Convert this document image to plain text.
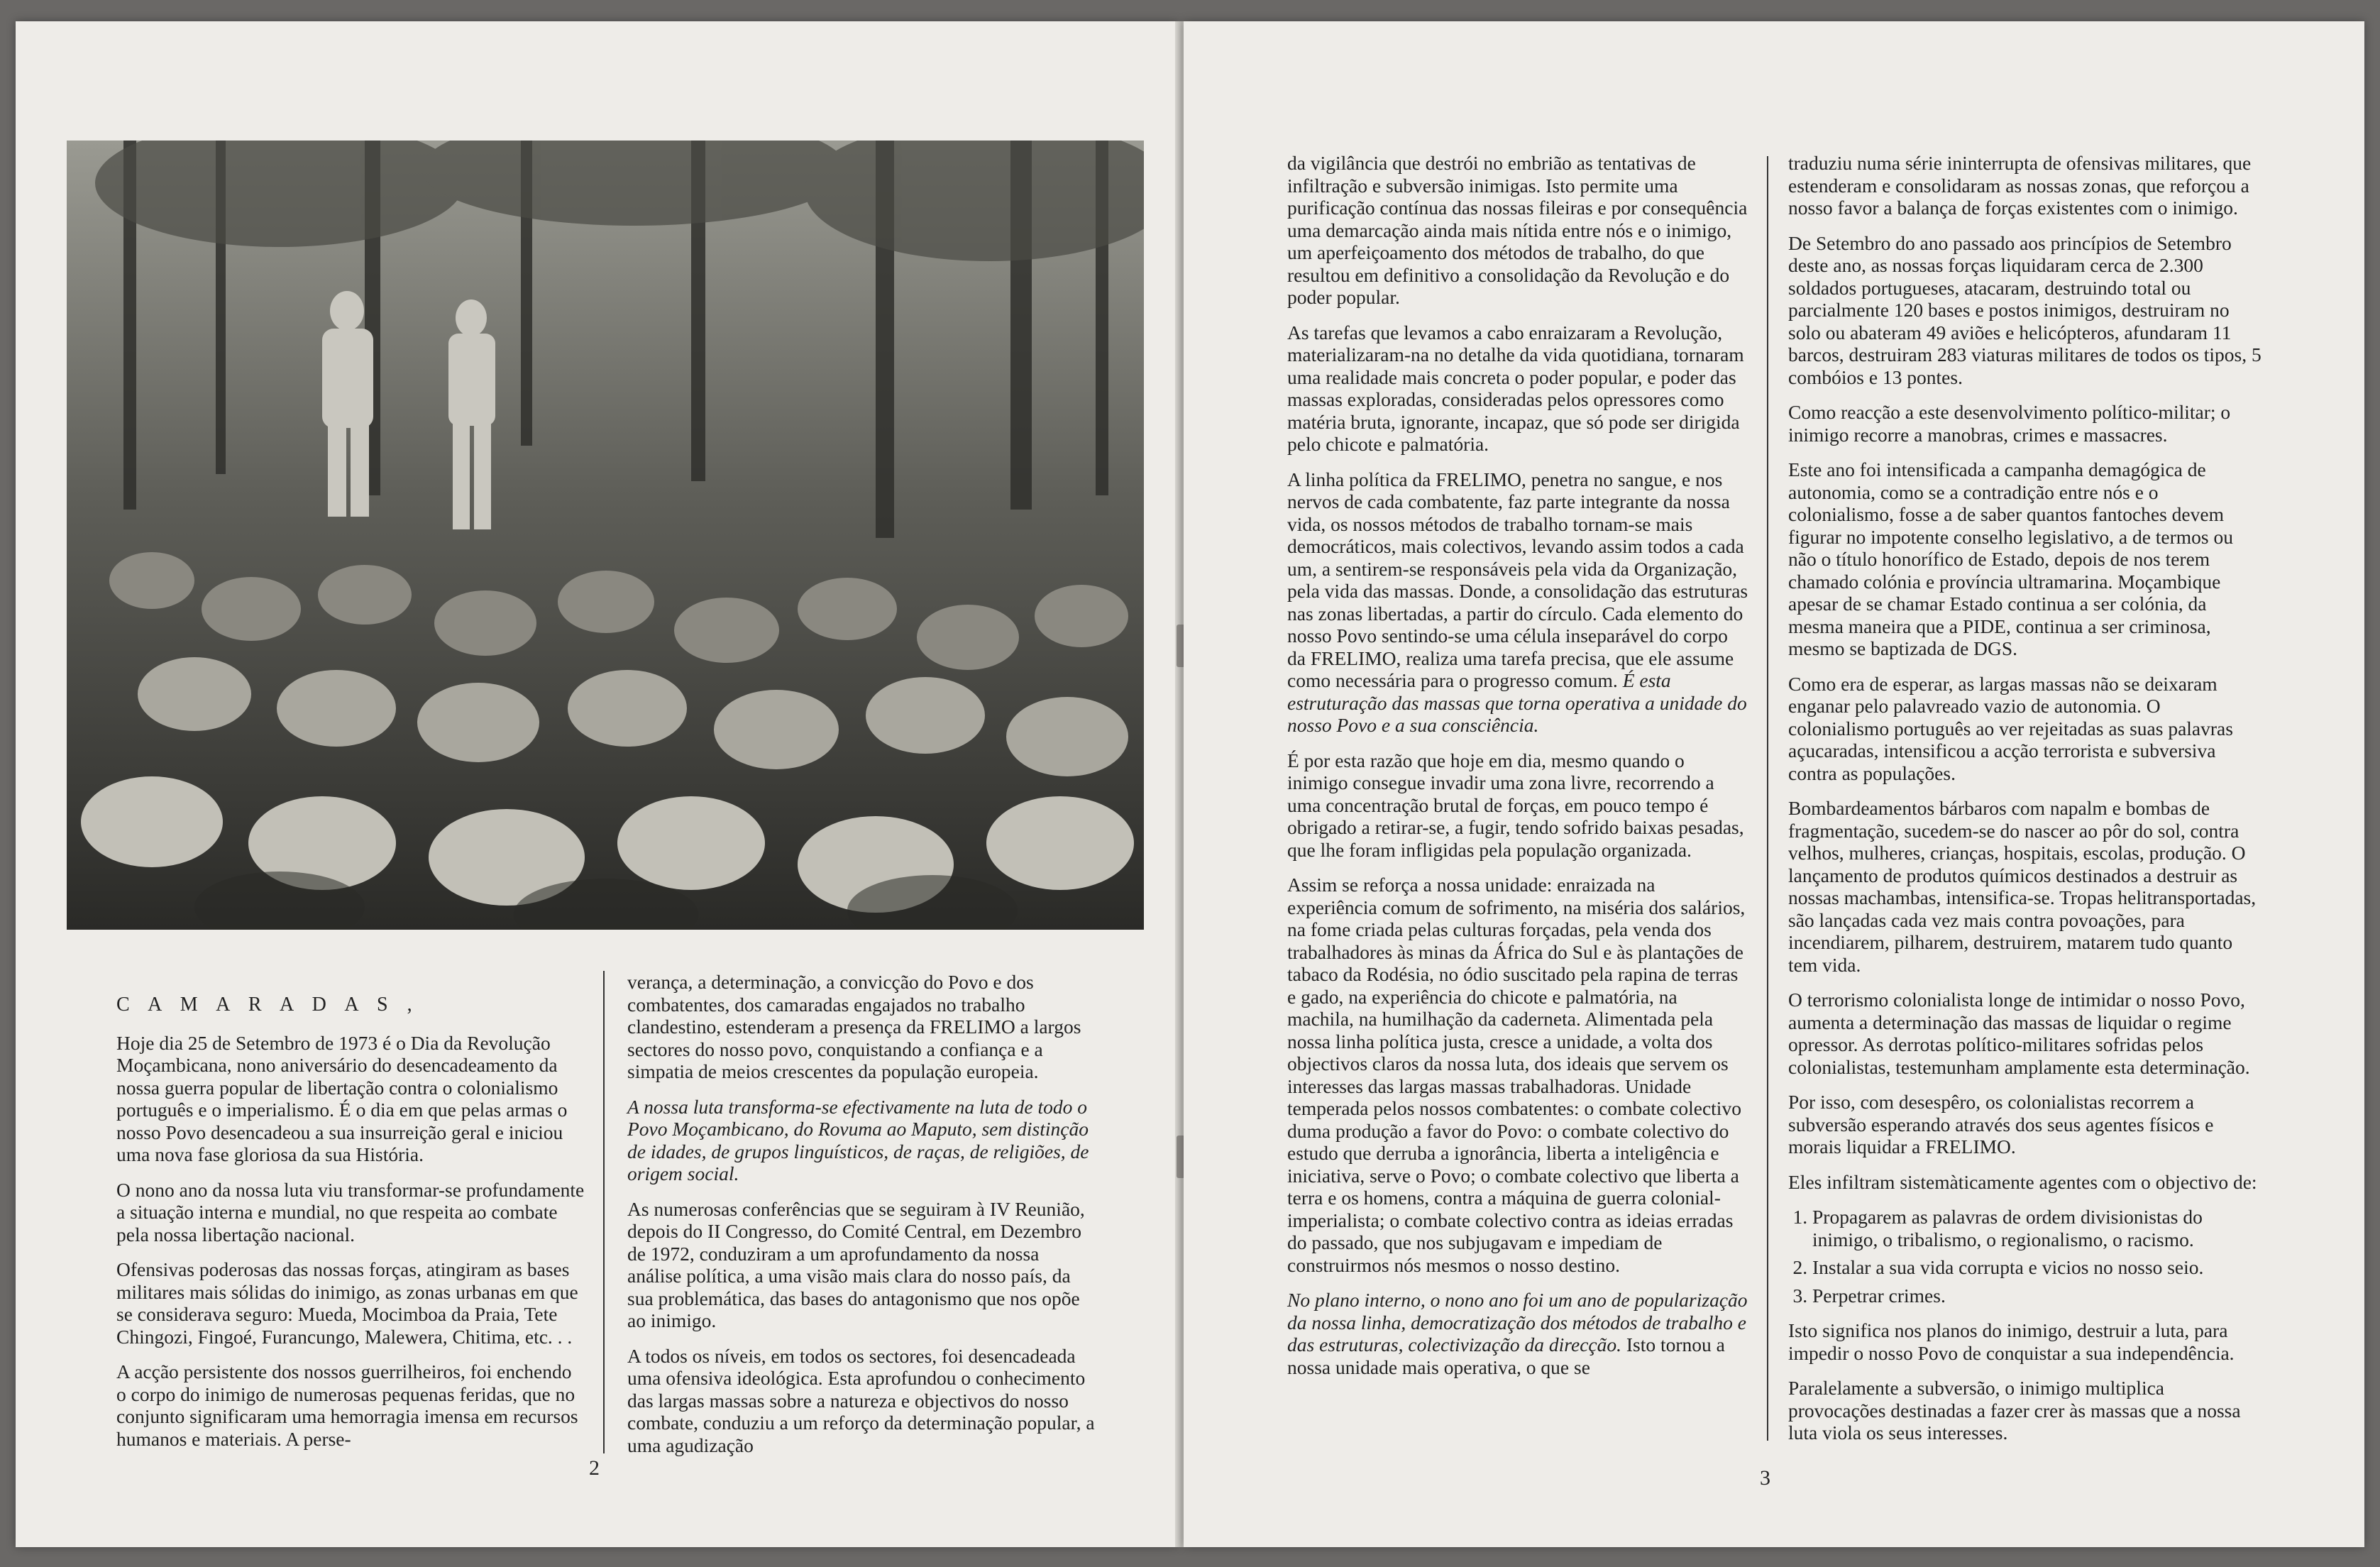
C A M A R A D A S ,

Hoje dia 25 de Setembro de 1973 é o Dia da Revolução Moçambicana, nono aniversário do desencadeamento da nossa guerra popular de libertação contra o colonialismo português e o imperialismo. É o dia em que pelas armas o nosso Povo desencadeou a sua insurreição geral e iniciou uma nova fase gloriosa da sua História.

O nono ano da nossa luta viu transformar-se profundamente a situação interna e mundial, no que respeita ao combate pela nossa libertação nacional.

Ofensivas poderosas das nossas forças, atingiram as bases militares mais sólidas do inimigo, as zonas urbanas em que se considerava seguro: Mueda, Mocimboa da Praia, Tete Chingozi, Fingoé, Furancungo, Malewera, Chitima, etc. . .

A acção persistente dos nossos guerrilheiros, foi enchendo o corpo do inimigo de numerosas pequenas feridas, que no conjunto significaram uma hemorragia imensa em recursos humanos e materiais. A perse-

verança, a determinação, a convicção do Povo e dos combatentes, dos camaradas engajados no trabalho clandestino, estenderam a presença da FRELIMO a largos sectores do nosso povo, conquistando a confiança e a simpatia de meios crescentes da população europeia.

A nossa luta transforma-se efectivamente na luta de todo o Povo Moçambicano, do Rovuma ao Maputo, sem distinção de idades, de grupos linguísticos, de raças, de religiões, de origem social.

As numerosas conferências que se seguiram à IV Reunião, depois do II Congresso, do Comité Central, em Dezembro de 1972, conduziram a um aprofundamento da nossa análise política, a uma visão mais clara do nosso país, da sua problemática, das bases do antagonismo que nos opõe ao inimigo.

A todos os níveis, em todos os sectores, foi desencadeada uma ofensiva ideológica. Esta aprofundou o conhecimento das largas massas sobre a natureza e objectivos do nosso combate, conduziu a um reforço da determinação popular, a uma agudização

2

da vigilância que destrói no embrião as tentativas de infiltração e subversão inimigas. Isto permite uma purificação contínua das nossas fileiras e por consequência uma demarcação ainda mais nítida entre nós e o inimigo, um aperfeiçoamento dos métodos de trabalho, do que resultou em definitivo a consolidação da Revolução e do poder popular.

As tarefas que levamos a cabo enraizaram a Revolução, materializaram-na no detalhe da vida quotidiana, tornaram uma realidade mais concreta o poder popular, e poder das massas exploradas, consideradas pelos opressores como matéria bruta, ignorante, incapaz, que só pode ser dirigida pelo chicote e palmatória.

A linha política da FRELIMO, penetra no sangue, e nos nervos de cada combatente, faz parte integrante da nossa vida, os nossos métodos de trabalho tornam-se mais democráticos, mais colectivos, levando assim todos a cada um, a sentirem-se responsáveis pela vida da Organização, pela vida das massas. Donde, a consolidação das estruturas nas zonas libertadas, a partir do círculo. Cada elemento do nosso Povo sentindo-se uma célula inseparável do corpo da FRELIMO, realiza uma tarefa precisa, que ele assume como necessária para o progresso comum. É esta estruturação das massas que torna operativa a unidade do nosso Povo e a sua consciência.

É por esta razão que hoje em dia, mesmo quando o inimigo consegue invadir uma zona livre, recorrendo a uma concentração brutal de forças, em pouco tempo é obrigado a retirar-se, a fugir, tendo sofrido baixas pesadas, que lhe foram infligidas pela população organizada.

Assim se reforça a nossa unidade: enraizada na experiência comum de sofrimento, na miséria dos salários, na fome criada pelas culturas forçadas, pela venda dos trabalhadores às minas da África do Sul e às plantações de tabaco da Rodésia, no ódio suscitado pela rapina de terras e gado, na experiência do chicote e palmatória, na machila, na humilhação da caderneta. Alimentada pela nossa linha política justa, cresce a unidade, a volta dos objectivos claros da nossa luta, dos ideais que servem os interesses das largas massas trabalhadoras. Unidade temperada pelos nossos combatentes: o combate colectivo duma produção a favor do Povo: o combate colectivo do estudo que derruba a ignorância, liberta a inteligência e iniciativa, serve o Povo; o combate colectivo que liberta a terra e os homens, contra a máquina de guerra colonial-imperialista; o combate colectivo contra as ideias erradas do passado, que nos subjugavam e impediam de construirmos nós mesmos o nosso destino.

No plano interno, o nono ano foi um ano de popularização da nossa linha, democratização dos métodos de trabalho e das estruturas, colectivização da direcção. Isto tornou a nossa unidade mais operativa, o que se

traduziu numa série ininterrupta de ofensivas militares, que estenderam e consolidaram as nossas zonas, que reforçou a nosso favor a balança de forças existentes com o inimigo.

De Setembro do ano passado aos princípios de Setembro deste ano, as nossas forças liquidaram cerca de 2.300 soldados portugueses, atacaram, destruindo total ou parcialmente 120 bases e postos inimigos, destruiram no solo ou abateram 49 aviões e helicópteros, afundaram 11 barcos, destruiram 283 viaturas militares de todos os tipos, 5 combóios e 13 pontes.

Como reacção a este desenvolvimento político-militar; o inimigo recorre a manobras, crimes e massacres.

Este ano foi intensificada a campanha demagógica de autonomia, como se a contradição entre nós e o colonialismo, fosse a de saber quantos fantoches devem figurar no impotente conselho legislativo, a de termos ou não o título honorífico de Estado, depois de nos terem chamado colónia e província ultramarina. Moçambique apesar de se chamar Estado continua a ser colónia, da mesma maneira que a PIDE, continua a ser criminosa, mesmo se baptizada de DGS.

Como era de esperar, as largas massas não se deixaram enganar pelo palavreado vazio de autonomia. O colonialismo português ao ver rejeitadas as suas palavras açucaradas, intensificou a acção terrorista e subversiva contra as populações.

Bombardeamentos bárbaros com napalm e bombas de fragmentação, sucedem-se do nascer ao pôr do sol, contra velhos, mulheres, crianças, hospitais, escolas, produção. O lançamento de produtos químicos destinados a destruir as nossas machambas, intensifica-se. Tropas helitransportadas, são lançadas cada vez mais contra povoações, para incendiarem, pilharem, destruirem, matarem tudo quanto tem vida.

O terrorismo colonialista longe de intimidar o nosso Povo, aumenta a determinação das massas de liquidar o regime opressor. As derrotas político-militares sofridas pelos colonialistas, testemunham amplamente esta determinação.

Por isso, com desespêro, os colonialistas recorrem a subversão esperando através dos seus agentes físicos e morais liquidar a FRELIMO.

Eles infiltram sistemàticamente agentes com o objectivo de:

1. Propagarem as palavras de ordem divisionistas do inimigo, o tribalismo, o regionalismo, o racismo.
2. Instalar a sua vida corrupta e vicios no nosso seio.
3. Perpetrar crimes.

Isto significa nos planos do inimigo, destruir a luta, para impedir o nosso Povo de conquistar a sua independência.

Paralelamente a subversão, o inimigo multiplica provocações destinadas a fazer crer às massas que a nossa luta viola os seus interesses.

3
